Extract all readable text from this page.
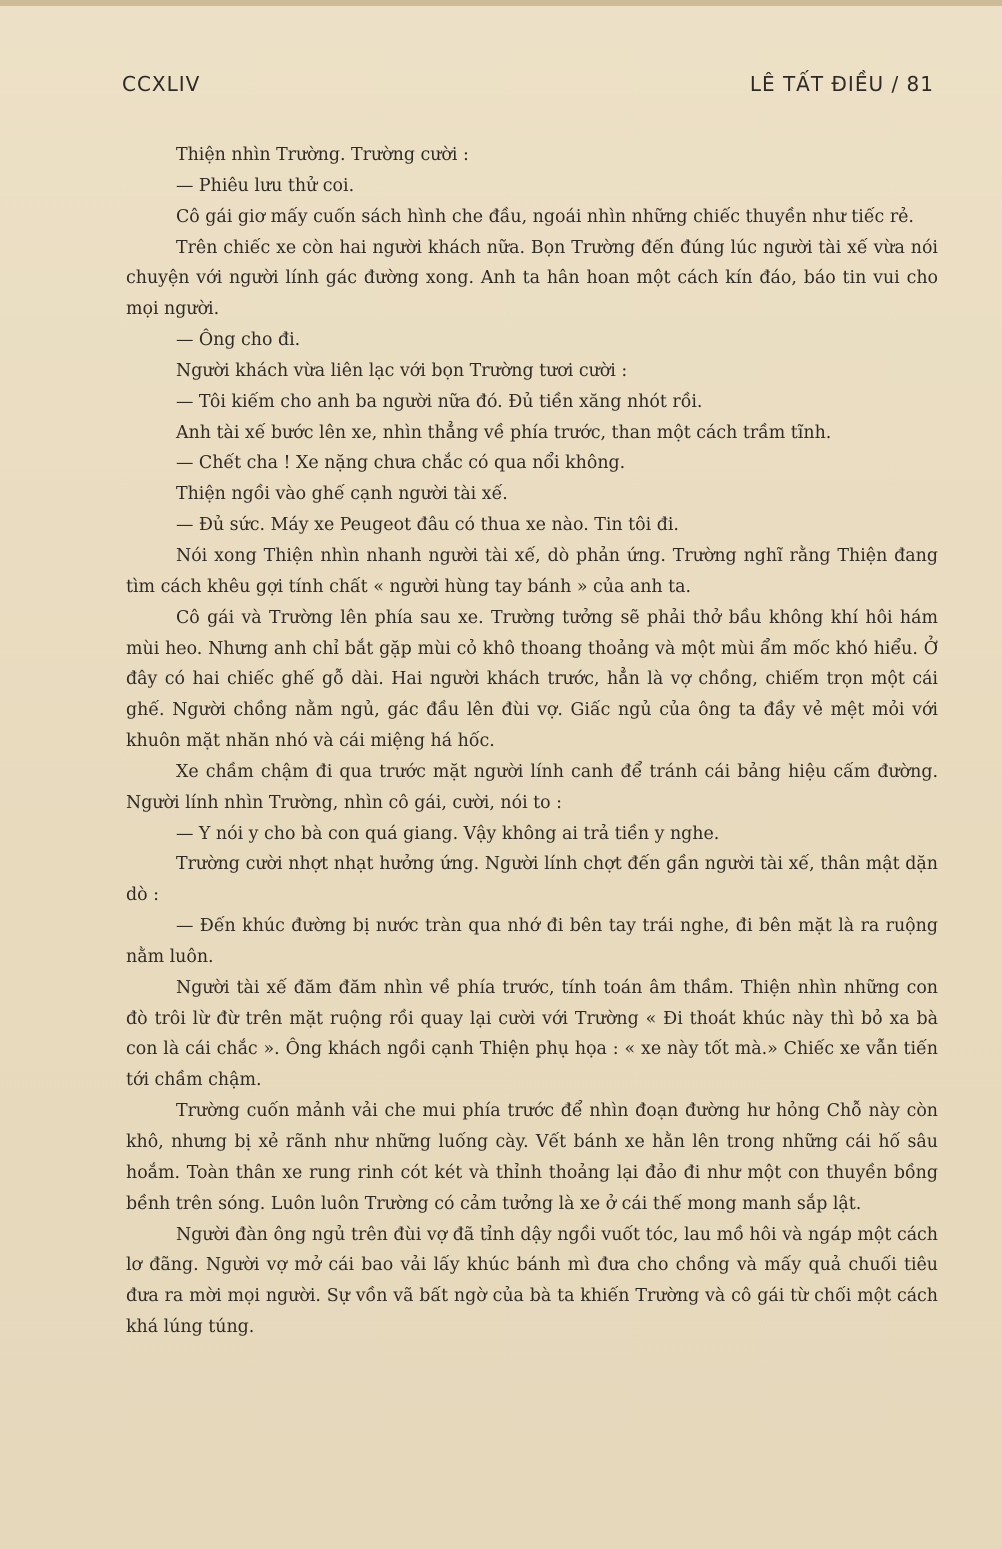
CCXLIV	LÊ TẤT ĐIỀU / 81

Thiện nhìn Trường. Trường cười :

— Phiêu lưu thử coi.

Cô gái giơ mấy cuốn sách hình che đầu, ngoái nhìn những chiếc thuyền như tiếc rẻ.

Trên chiếc xe còn hai người khách nữa. Bọn Trường đến đúng lúc người tài xế vừa nói chuyện với người lính gác đường xong. Anh ta hân hoan một cách kín đáo, báo tin vui cho mọi người.

— Ông cho đi.

Người khách vừa liên lạc với bọn Trường tươi cười :

— Tôi kiếm cho anh ba người nữa đó. Đủ tiền xăng nhót rồi.

Anh tài xế bước lên xe, nhìn thẳng về phía trước, than một cách trầm tĩnh.

— Chết cha ! Xe nặng chưa chắc có qua nổi không.

Thiện ngồi vào ghế cạnh người tài xế.

— Đủ sức. Máy xe Peugeot đâu có thua xe nào. Tin tôi đi.

Nói xong Thiện nhìn nhanh người tài xế, dò phản ứng. Trường nghĩ rằng Thiện đang tìm cách khêu gợi tính chất « người hùng tay bánh » của anh ta.

Cô gái và Trường lên phía sau xe. Trường tưởng sẽ phải thở bầu không khí hôi hám mùi heo. Nhưng anh chỉ bắt gặp mùi cỏ khô thoang thoảng và một mùi ẩm mốc khó hiểu. Ở đây có hai chiếc ghế gỗ dài. Hai người khách trước, hẳn là vợ chồng, chiếm trọn một cái ghế. Người chồng nằm ngủ, gác đầu lên đùi vợ. Giấc ngủ của ông ta đầy vẻ mệt mỏi với khuôn mặt nhăn nhó và cái miệng há hốc.

Xe chầm chậm đi qua trước mặt người lính canh để tránh cái bảng hiệu cấm đường. Người lính nhìn Trường, nhìn cô gái, cười, nói to :

— Y nói y cho bà con quá giang. Vậy không ai trả tiền y nghe.

Trường cười nhợt nhạt hưởng ứng. Người lính chợt đến gần người tài xế, thân mật dặn dò :

— Đến khúc đường bị nước tràn qua nhớ đi bên tay trái nghe, đi bên mặt là ra ruộng nằm luôn.

Người tài xế đăm đăm nhìn về phía trước, tính toán âm thầm. Thiện nhìn những con đò trôi lừ đừ trên mặt ruộng rồi quay lại cười với Trường « Đi thoát khúc này thì bỏ xa bà con là cái chắc ». Ông khách ngồi cạnh Thiện phụ họa : « xe này tốt mà.» Chiếc xe vẫn tiến tới chầm chậm.

Trường cuốn mảnh vải che mui phía trước để nhìn đoạn đường hư hỏng Chỗ này còn khô, nhưng bị xẻ rãnh như những luống cày. Vết bánh xe hằn lên trong những cái hố sâu hoắm. Toàn thân xe rung rinh cót két và thỉnh thoảng lại đảo đi như một con thuyền bồng bềnh trên sóng. Luôn luôn Trường có cảm tưởng là xe ở cái thế mong manh sắp lật.

Người đàn ông ngủ trên đùi vợ đã tỉnh dậy ngồi vuốt tóc, lau mồ hôi và ngáp một cách lơ đãng. Người vợ mở cái bao vải lấy khúc bánh mì đưa cho chồng và mấy quả chuối tiêu đưa ra mời mọi người. Sự vồn vã bất ngờ của bà ta khiến Trường và cô gái từ chối một cách khá lúng túng.
